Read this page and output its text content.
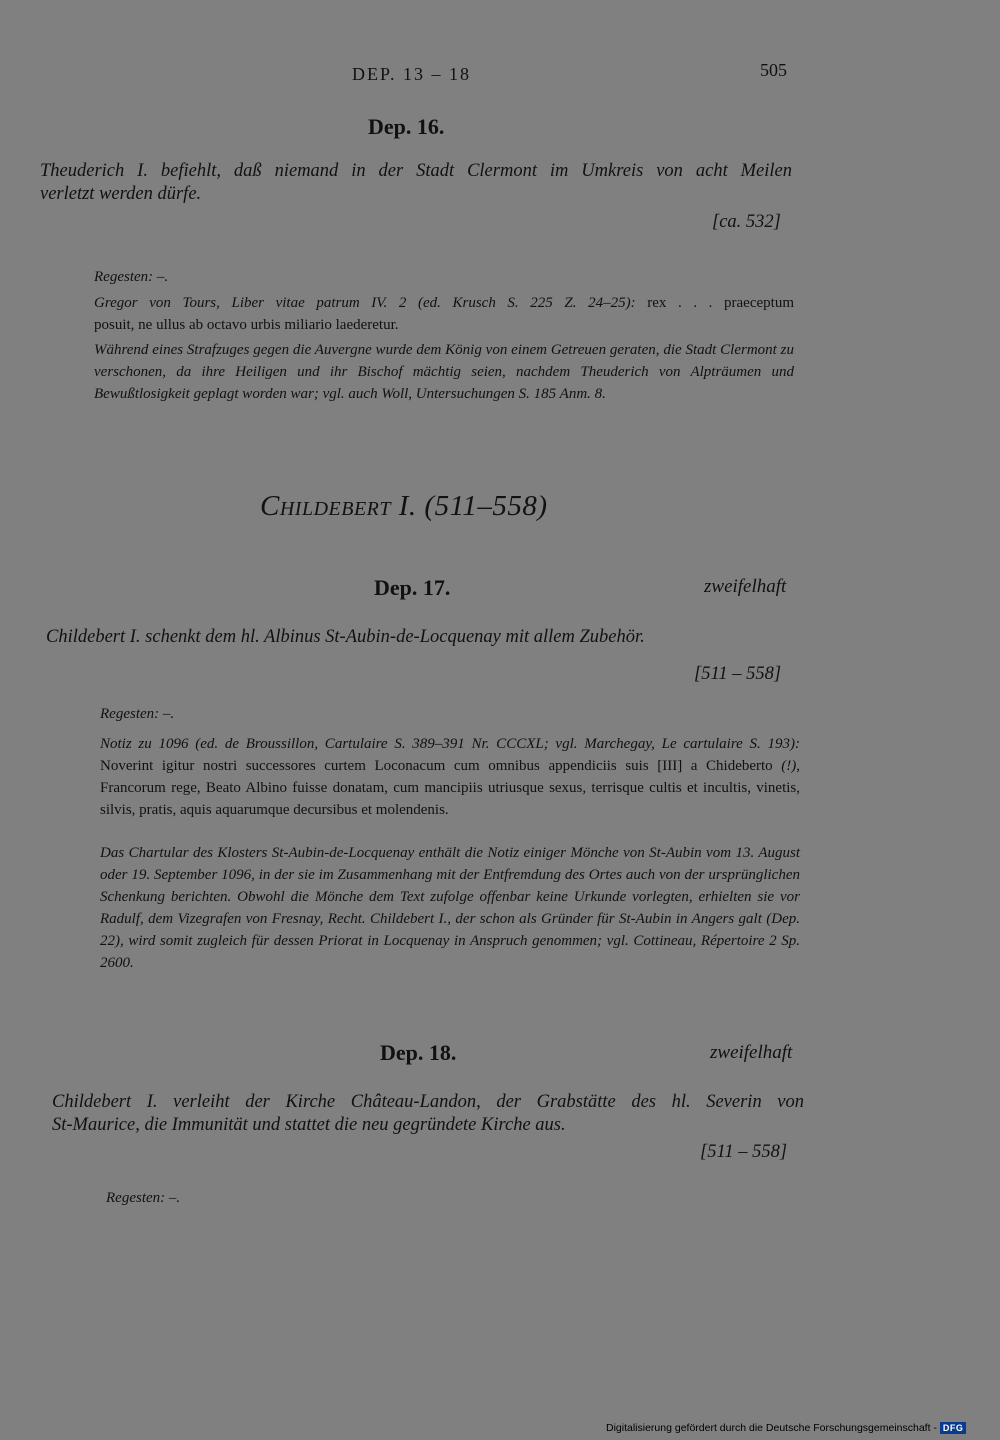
DEP. 13 – 18	505
Dep. 16.
Theuderich I. befiehlt, daß niemand in der Stadt Clermont im Umkreis von acht Meilen
verletzt werden dürfe.
[ca. 532]
Regesten: –.
Gregor von Tours, Liber vitae patrum IV. 2 (ed. Krusch S. 225 Z. 24–25): rex . . . praeceptum
posuit, ne ullus ab octavo urbis miliario laederetur.
Während eines Strafzuges gegen die Auvergne wurde dem König von einem Getreuen geraten, die Stadt Clermont zu verschonen, da ihre Heiligen und ihr Bischof mächtig seien, nachdem Theuderich von Alpträumen und Bewußtlosigkeit geplagt worden war; vgl. auch Woll, Untersuchungen S. 185 Anm. 8.
Childebert I. (511–558)
Dep. 17.	zweifelhaft
Childebert I. schenkt dem hl. Albinus St-Aubin-de-Locquenay mit allem Zubehör.
[511 – 558]
Regesten: –.
Notiz zu 1096 (ed. de Broussillon, Cartulaire S. 389–391 Nr. CCCXL; vgl. Marchegay, Le cartulaire S. 193): Noverint igitur nostri successores curtem Loconacum cum omnibus appendiciis suis [III] a Chideberto (!), Francorum rege, Beato Albino fuisse donatam, cum mancipiis utriusque sexus, terrisque cultis et incultis, vinetis, silvis, pratis, aquis aquarumque decursibus et molendenis.
Das Chartular des Klosters St-Aubin-de-Locquenay enthält die Notiz einiger Mönche von St-Aubin vom 13. August oder 19. September 1096, in der sie im Zusammenhang mit der Entfremdung des Ortes auch von der ursprünglichen Schenkung berichten. Obwohl die Mönche dem Text zufolge offenbar keine Urkunde vorlegten, erhielten sie vor Radulf, dem Vizegrafen von Fresnay, Recht. Childebert I., der schon als Gründer für St-Aubin in Angers galt (Dep. 22), wird somit zugleich für dessen Priorat in Locquenay in Anspruch genommen; vgl. Cottineau, Répertoire 2 Sp. 2600.
Dep. 18.	zweifelhaft
Childebert I. verleiht der Kirche Château-Landon, der Grabstätte des hl. Severin von
St-Maurice, die Immunität und stattet die neu gegründete Kirche aus.
[511 – 558]
Regesten: –.
Digitalisierung gefördert durch die Deutsche Forschungsgemeinschaft - DFG
